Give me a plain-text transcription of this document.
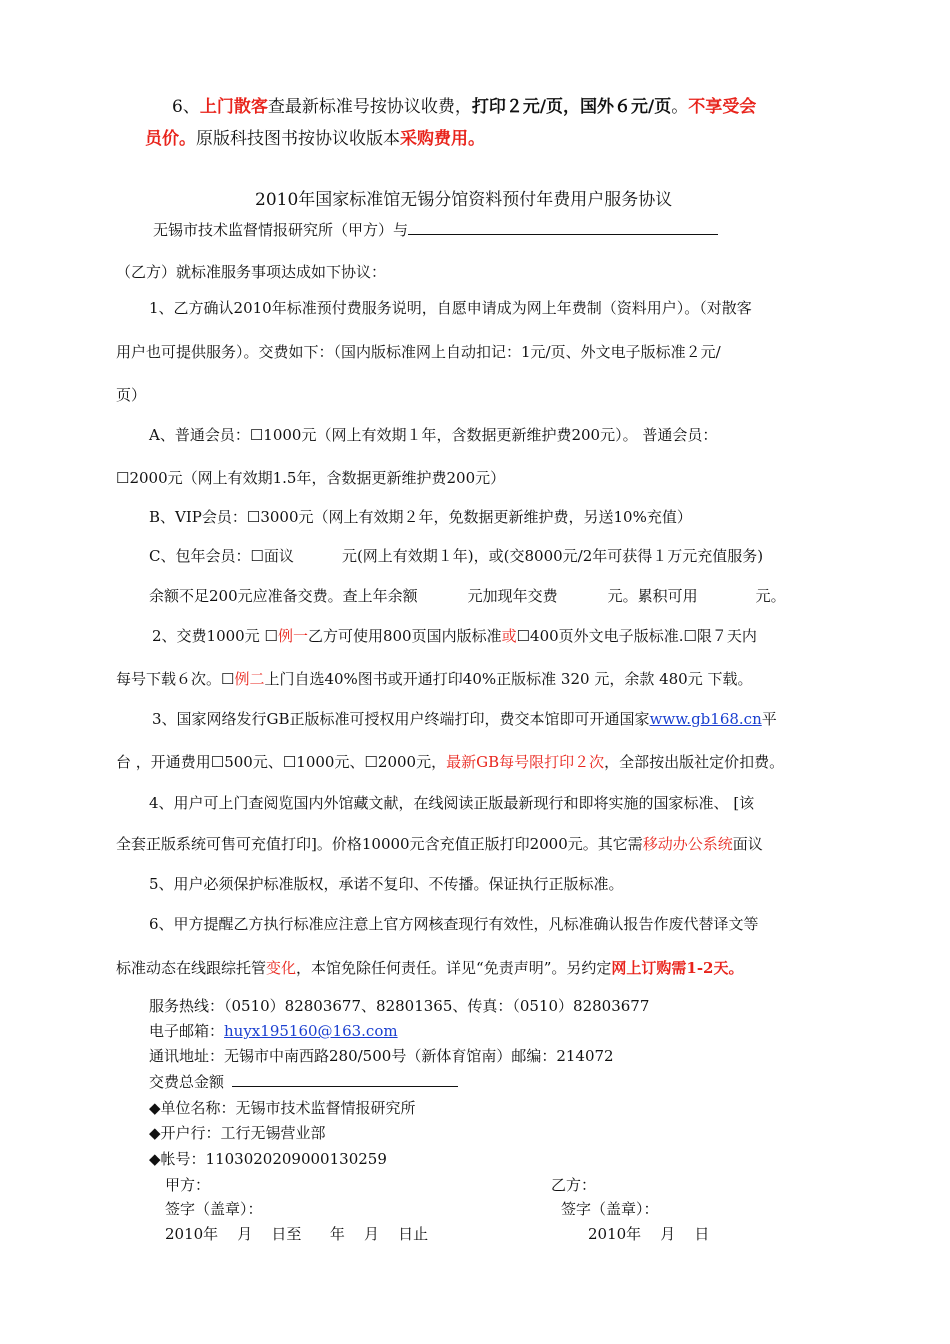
6、上门散客查最新标准号按协议收费，打印２元/页，国外６元/页。不享受会
员价。原版科技图书按协议收版本采购费用。
2010年国家标准馆无锡分馆资料预付年费用户服务协议
无锡市技术监督情报研究所（甲方）与
（乙方）就标准服务事项达成如下协议：
1、乙方确认2010年标准预付费服务说明，自愿申请成为网上年费制（资料用户）。（对散客
用户也可提供服务）。交费如下：（国内版标准网上自动扣记：1元/页、外文电子版标准２元/
页）
A、普通会员：☐1000元（网上有效期１年，含数据更新维护费200元）。 普通会员：
☐2000元（网上有效期1.5年，含数据更新维护费200元）
B、VIP会员：☐3000元（网上有效期２年，免数据更新维护费，另送10%充值）
C、包年会员：☐面议	元(网上有效期１年)，或(交8000元/2年可获得１万元充值服务)
余额不足200元应准备交费。查上年余额	元加现年交费	元。累积可用	元。
2、交费1000元 ☐例一乙方可使用800页国内版标准或☐400页外文电子版标准.☐限７天内
每号下载６次。☐例二上门自选40%图书或开通打印40%正版标准 320 元，余款 480元 下载。
3、国家网络发行GB正版标准可授权用户终端打印，费交本馆即可开通国家www.gb168.cn平
台 ，开通费用☐500元、☐1000元、☐2000元，最新GB每号限打印２次，全部按出版社定价扣费。
4、用户可上门查阅览国内外馆藏文献，在线阅读正版最新现行和即将实施的国家标准、 [该
全套正版系统可售可充值打印]。价格10000元含充值正版打印2000元。其它需移动办公系统面议
5、用户必须保护标准版权，承诺不复印、不传播。保证执行正版标准。
6、甲方提醒乙方执行标准应注意上官方网核查现行有效性，凡标准确认报告作废代替译文等
标准动态在线跟综托管变化，本馆免除任何责任。详见“免责声明”。另约定网上订购需1-2天。
服务热线：（0510）82803677、82801365、传真：（0510）82803677
电子邮箱：huyx195160@163.com
通讯地址：无锡市中南西路280/500号（新体育馆南）邮编：214072
交费总金额
◆单位名称：无锡市技术监督情报研究所
◆开户行：工行无锡营业部
◆帐号：1103020209000130259
甲方：	乙方：
签字（盖章）：	签字（盖章）：
2010年    月    日至      年    月    日止	2010年    月    日
